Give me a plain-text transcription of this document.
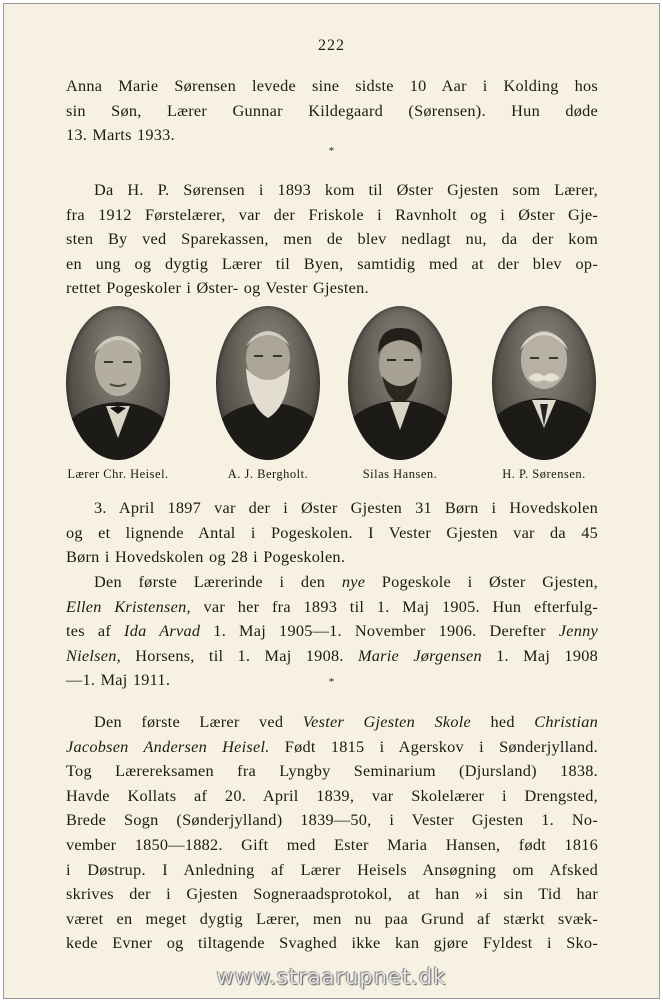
222

Anna Marie Sørensen levede sine sidste 10 Aar i Kolding hos
sin Søn, Lærer Gunnar Kildegaard (Sørensen). Hun døde
13. Marts 1933.

*

Da H. P. Sørensen i 1893 kom til Øster Gjesten som Lærer,

fra 1912 Førstelærer, var der Friskole i Ravnholt og i Øster Gje-
sten By ved Sparekassen, men de blev nedlagt nu, da der kom
en ung og dygtig Lærer til Byen, samtidig med at der blev op-
rettet Pogeskoler i Øster- og Vester Gjesten.

Lærer Chr. Heisel.	A. J. Bergholt.	Silas Hansen.	H. P. Sørensen.

3. April 1897 var der i Øster Gjesten 31 Børn i Hovedskolen

og et lignende Antal i Pogeskolen. I Vester Gjesten var da 45
Børn i Hovedskolen og 28 i Pogeskolen.

Den første Lærerinde i den nye Pogeskole i Øster Gjesten,
Ellen Kristensen, var her fra 1893 til 1. Maj 1905. Hun efterfulg-
tes af Ida Arvad 1. Maj 1905—1. November 1906. Derefter Jenny
Nielsen, Horsens, til 1. Maj 1908. Marie Jørgensen 1. Maj 1908
—1. Maj 1911.	*

Den første Lærer ved Vester Gjesten Skole hed Christian
Jacobsen Andersen Heisel. Født 1815 i Agerskov i Sønderjylland.
Tog Lærereksamen fra Lyngby Seminarium (Djursland) 1838.
Havde Kollats af 20. April 1839, var Skolelærer i Drengsted,
Brede Sogn (Sønderjylland) 1839—50, i Vester Gjesten 1. No-
vember 1850—1882. Gift med Ester Maria Hansen, født 1816
i Døstrup. I Anledning af Lærer Heisels Ansøgning om Afsked
skrives der i Gjesten Sogneraadsprotokol, at han »i sin Tid har
været en meget dygtig Lærer, men nu paa Grund af stærkt svæk-
kede Evner og tiltagende Svaghed ikke kan gjøre Fyldest i Sko-

www.straarupnet.dk
